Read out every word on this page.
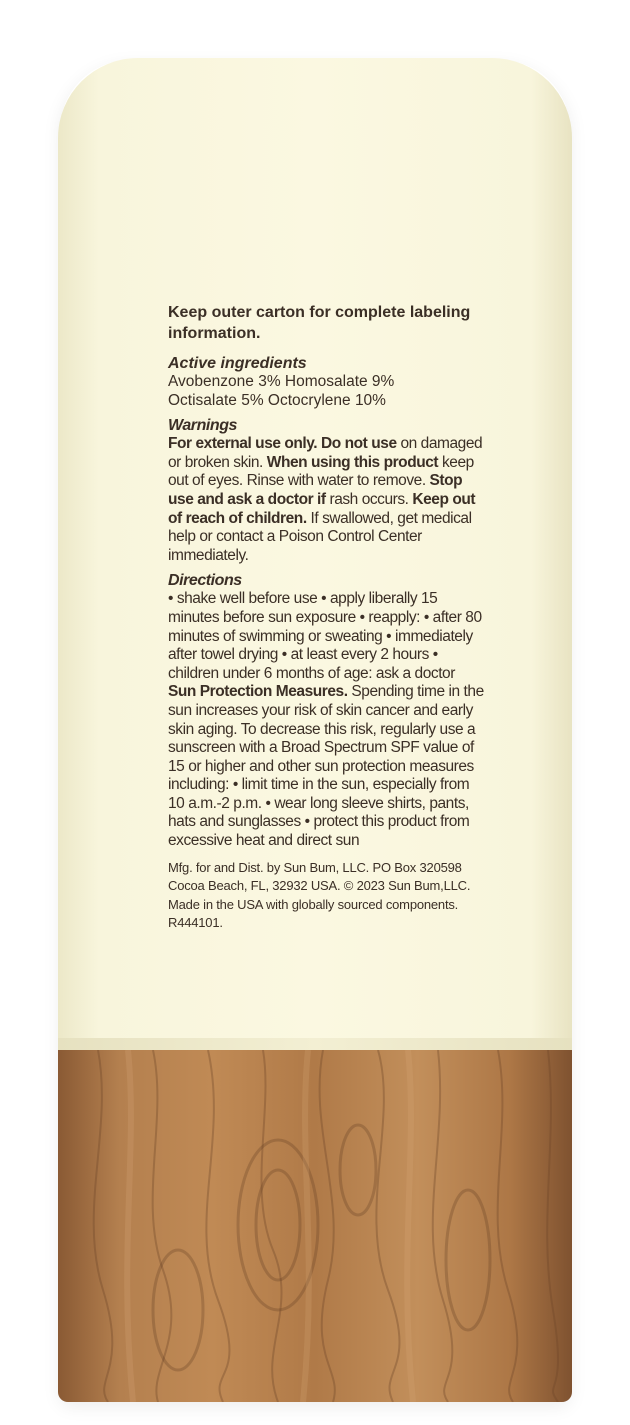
Keep outer carton for complete labeling information.

Active ingredients

Avobenzone 3% Homosalate 9%

Octisalate 5% Octocrylene 10%

Warnings

For external use only. Do not use on damaged or broken skin. When using this product keep out of eyes. Rinse with water to remove. Stop use and ask a doctor if rash occurs. Keep out of reach of children. If swallowed, get medical help or contact a Poison Control Center immediately.

Directions

• shake well before use • apply liberally 15 minutes before sun exposure • reapply: • after 80 minutes of swimming or sweating • immediately after towel drying • at least every 2 hours • children under 6 months of age: ask a doctor

Sun Protection Measures. Spending time in the sun increases your risk of skin cancer and early skin aging. To decrease this risk, regularly use a sunscreen with a Broad Spectrum SPF value of 15 or higher and other sun protection measures including: • limit time in the sun, especially from 10 a.m.-2 p.m. • wear long sleeve shirts, pants, hats and sunglasses • protect this product from excessive heat and direct sun

Mfg. for and Dist. by Sun Bum, LLC. PO Box 320598

Cocoa Beach, FL, 32932 USA. © 2023 Sun Bum,LLC.

Made in the USA with globally sourced components.

R444101.
